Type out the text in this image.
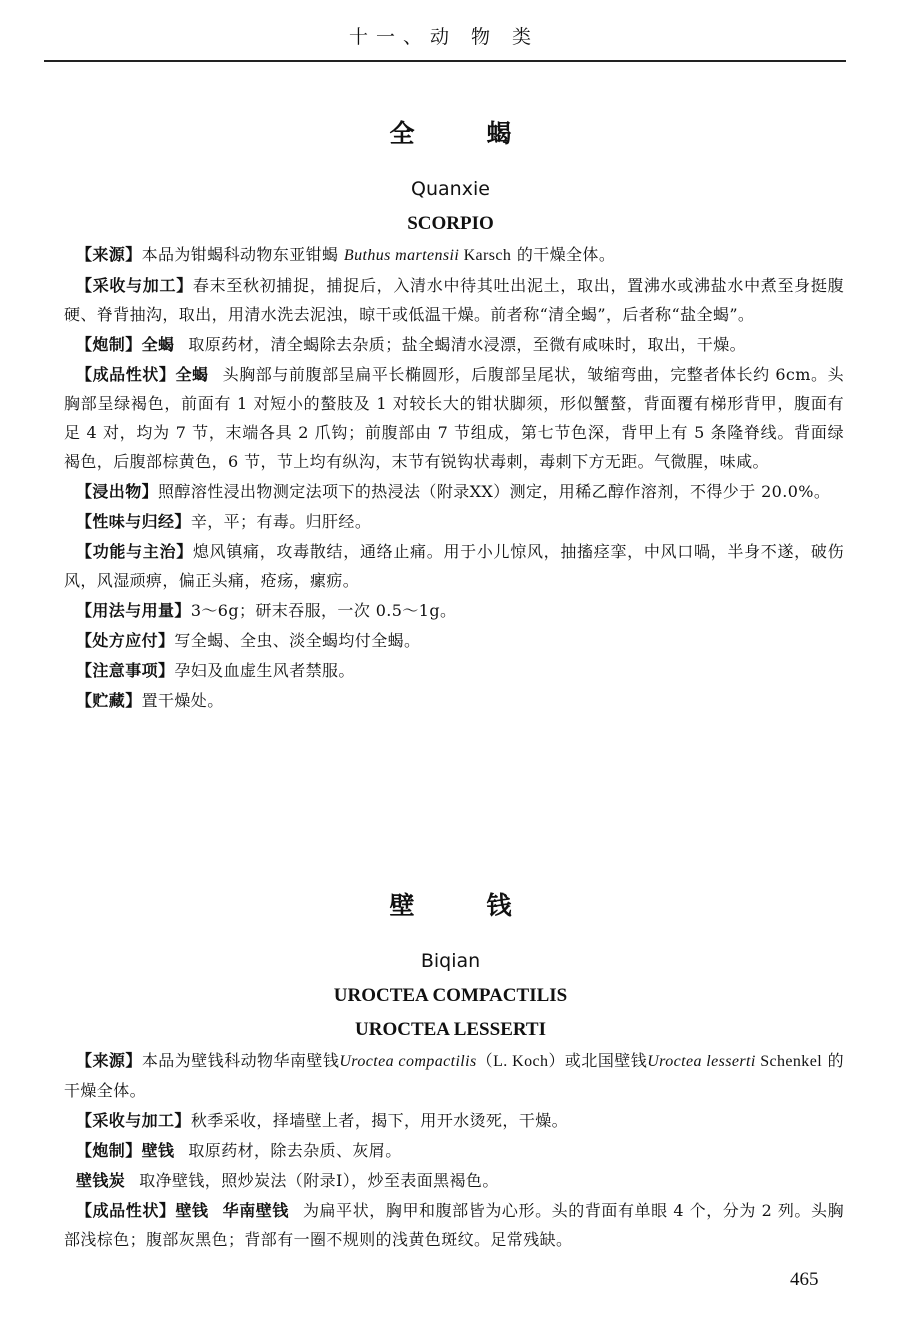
十一、动 物 类
全蝎
Quanxie
SCORPIO

【来源】本品为钳蝎科动物东亚钳蝎 Buthus martensii Karsch 的干燥全体。

【采收与加工】春末至秋初捕捉，捕捉后，入清水中待其吐出泥土，取出，置沸水或沸盐水中煮至身挺腹硬、脊背抽沟，取出，用清水洗去泥浊，晾干或低温干燥。前者称“清全蝎”，后者称“盐全蝎”。

【炮制】全蝎 取原药材，清全蝎除去杂质；盐全蝎清水浸漂，至微有咸味时，取出，干燥。

【成品性状】全蝎 头胸部与前腹部呈扁平长椭圆形，后腹部呈尾状，皱缩弯曲，完整者体长约 6cm。头胸部呈绿褐色，前面有 1 对短小的螯肢及 1 对较长大的钳状脚须，形似蟹螯，背面覆有梯形背甲，腹面有足 4 对，均为 7 节，末端各具 2 爪钩；前腹部由 7 节组成，第七节色深，背甲上有 5 条隆脊线。背面绿褐色，后腹部棕黄色，6 节，节上均有纵沟，末节有锐钩状毒刺，毒刺下方无距。气微腥，味咸。

【浸出物】照醇溶性浸出物测定法项下的热浸法（附录ⅩⅩ）测定，用稀乙醇作溶剂，不得少于 20.0%。

【性味与归经】辛，平；有毒。归肝经。

【功能与主治】熄风镇痛，攻毒散结，通络止痛。用于小儿惊风，抽搐痉挛，中风口喎，半身不遂，破伤风，风湿顽痹，偏正头痛，疮疡，瘰疬。

【用法与用量】3～6g；研末吞服，一次 0.5～1g。

【处方应付】写全蝎、全虫、淡全蝎均付全蝎。

【注意事项】孕妇及血虚生风者禁服。

【贮藏】置干燥处。

壁钱
Biqian
UROCTEA COMPACTILIS
UROCTEA LESSERTI

【来源】本品为壁钱科动物华南壁钱Uroctea compactilis（L. Koch）或北国壁钱Uroctea lesserti Schenkel 的干燥全体。

【采收与加工】秋季采收，择墙壁上者，揭下，用开水烫死，干燥。

【炮制】壁钱 取原药材，除去杂质、灰屑。

壁钱炭 取净壁钱，照炒炭法（附录Ⅰ），炒至表面黑褐色。

【成品性状】壁钱 华南壁钱 为扁平状，胸甲和腹部皆为心形。头的背面有单眼 4 个，分为 2 列。头胸部浅棕色；腹部灰黑色；背部有一圈不规则的浅黄色斑纹。足常残缺。

465
